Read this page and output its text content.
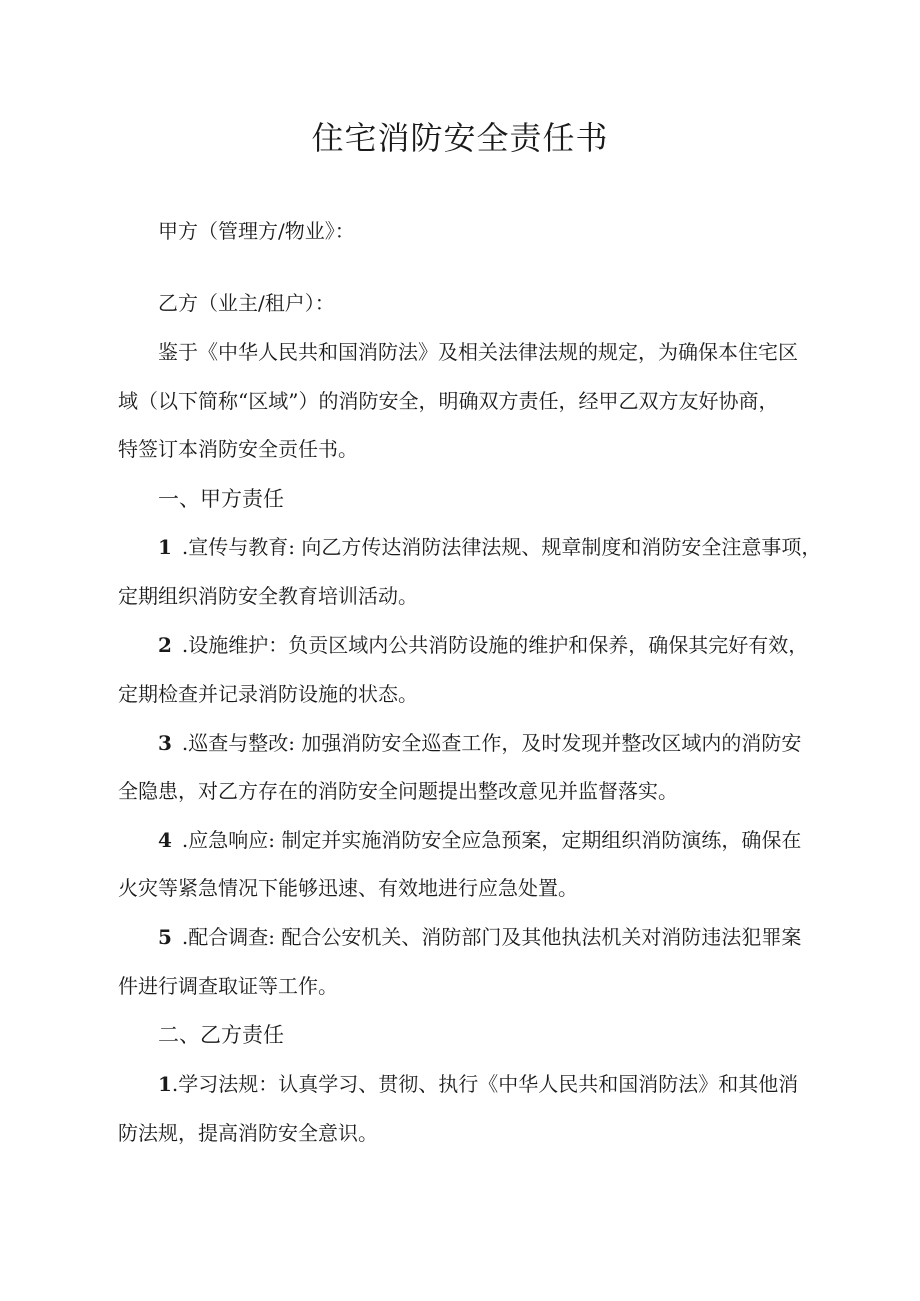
住宅消防安全责任书

甲方（管理方/物业》：

乙方（业主/租户）：

鉴于《中华人民共和国消防法》及相关法律法规的规定，为确保本住宅区

域（以下简称“区域”）的消防安全，明确双方责任，经甲乙双方友好协商，

特签订本消防安全贡任书。

一、甲方责任

1 .宣传与教育: 向乙方传达消防法律法规、规章制度和消防安全注意事项，

定期组织消防安全教育培训活动。

2 .设施维护：负贡区域内公共消防设施的维护和保养，确保其完好有效，

定期检查并记录消防设施的状态。

3 .巡查与整改: 加强消防安全巡查工作，及时发现并整改区域内的消防安

全隐患，对乙方存在的消防安全问题提出整改意见并监督落实。

4 .应急响应: 制定并实施消防安全应急预案，定期组织消防演练，确保在

火灾等紧急情况下能够迅速、有效地进行应急处置。

5 .配合调查: 配合公安机关、消防部门及其他执法机关对消防违法犯罪案

件进行调查取证等工作。

二、乙方责任

1.学习法规：认真学习、贯彻、执行《中华人民共和国消防法》和其他消

防法规，提高消防安全意识。
